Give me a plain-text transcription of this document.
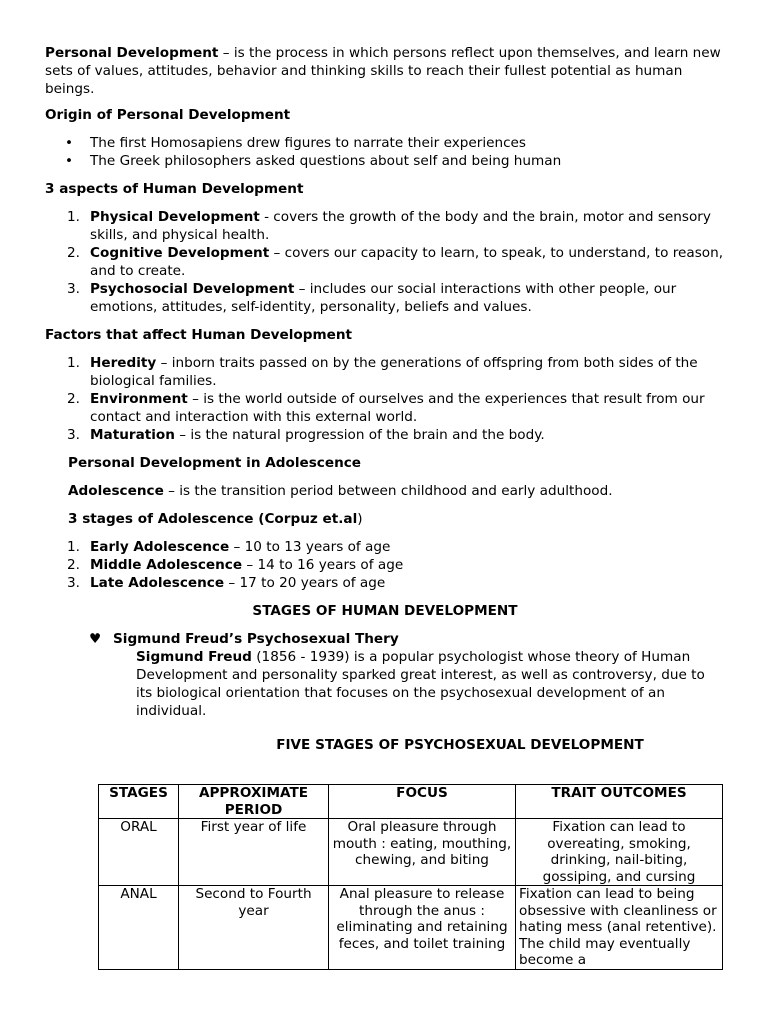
Personal Development – is the process in which persons reflect upon themselves, and learn new sets of values, attitudes, behavior and thinking skills to reach their fullest potential as human beings.

Origin of Personal Development

• The first Homosapiens drew figures to narrate their experiences
• The Greek philosophers asked questions about self and being human

3 aspects of Human Development

1. Physical Development - covers the growth of the body and the brain, motor and sensory skills, and physical health.
2. Cognitive Development – covers our capacity to learn, to speak, to understand, to reason, and to create.
3. Psychosocial Development – includes our social interactions with other people, our emotions, attitudes, self-identity, personality, beliefs and values.

Factors that affect Human Development

1. Heredity – inborn traits passed on by the generations of offspring from both sides of the biological families.
2. Environment – is the world outside of ourselves and the experiences that result from our contact and interaction with this external world.
3. Maturation – is the natural progression of the brain and the body.

Personal Development in Adolescence

Adolescence – is the transition period between childhood and early adulthood.

3 stages of Adolescence (Corpuz et.al)

1. Early Adolescence – 10 to 13 years of age
2. Middle Adolescence – 14 to 16 years of age
3. Late Adolescence – 17 to 20 years of age

STAGES OF HUMAN DEVELOPMENT

♥ Sigmund Freud’s Psychosexual Thery

Sigmund Freud (1856 - 1939) is a popular psychologist whose theory of Human Development and personality sparked great interest, as well as controversy, due to its biological orientation that focuses on the psychosexual development of an individual.

FIVE STAGES OF PSYCHOSEXUAL DEVELOPMENT

STAGES	APPROXIMATE PERIOD	FOCUS	TRAIT OUTCOMES
ORAL	First year of life	Oral pleasure through mouth : eating, mouthing, chewing, and biting	Fixation can lead to overeating, smoking, drinking, nail-biting, gossiping, and cursing
ANAL	Second to Fourth year	Anal pleasure to release through the anus : eliminating and retaining feces, and toilet training	Fixation can lead to being obsessive with cleanliness or hating mess (anal retentive). The child may eventually become a
